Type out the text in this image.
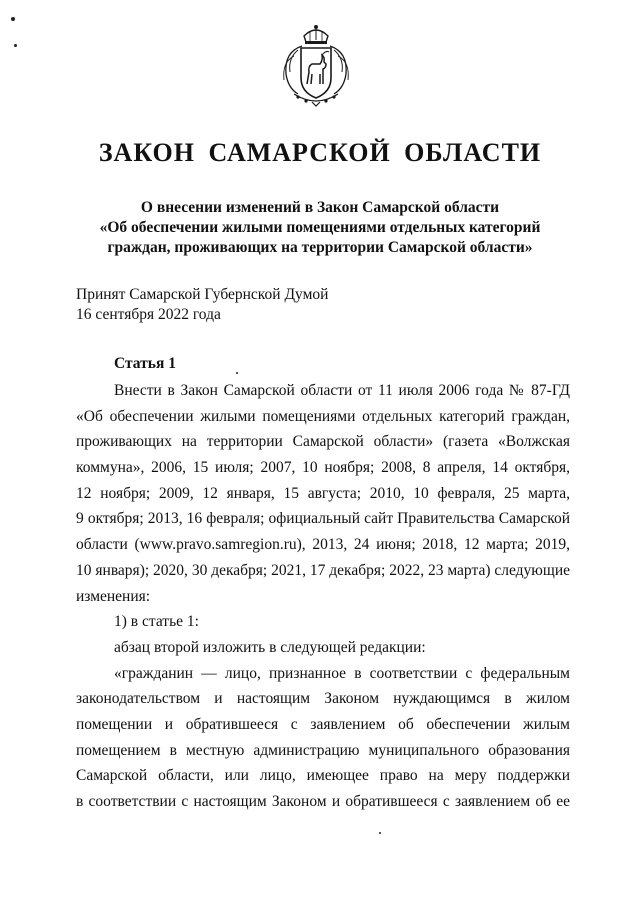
ЗАКОН САМАРСКОЙ ОБЛАСТИ
О внесении изменений в Закон Самарской области
«Об обеспечении жилыми помещениями отдельных категорий
граждан, проживающих на территории Самарской области»
Принят Самарской Губернской Думой
16 сентября 2022 года
Статья 1
Внести в Закон Самарской области от 11 июля 2006 года № 87-ГД
«Об обеспечении жилыми помещениями отдельных категорий граждан,
проживающих на территории Самарской области» (газета «Волжская
коммуна», 2006, 15 июля; 2007, 10 ноября; 2008, 8 апреля, 14 октября,
12 ноября; 2009, 12 января, 15 августа; 2010, 10 февраля, 25 марта,
9 октября; 2013, 16 февраля; официальный сайт Правительства Самарской
области (www.pravo.samregion.ru), 2013, 24 июня; 2018, 12 марта; 2019,
10 января); 2020, 30 декабря; 2021, 17 декабря; 2022, 23 марта) следующие
изменения:
1) в статье 1:
абзац второй изложить в следующей редакции:
«гражданин — лицо, признанное в соответствии с федеральным
законодательством и настоящим Законом нуждающимся в жилом
помещении и обратившееся с заявлением об обеспечении жилым
помещением в местную администрацию муниципального образования
Самарской области, или лицо, имеющее право на меру поддержки
в соответствии с настоящим Законом и обратившееся с заявлением об ее
